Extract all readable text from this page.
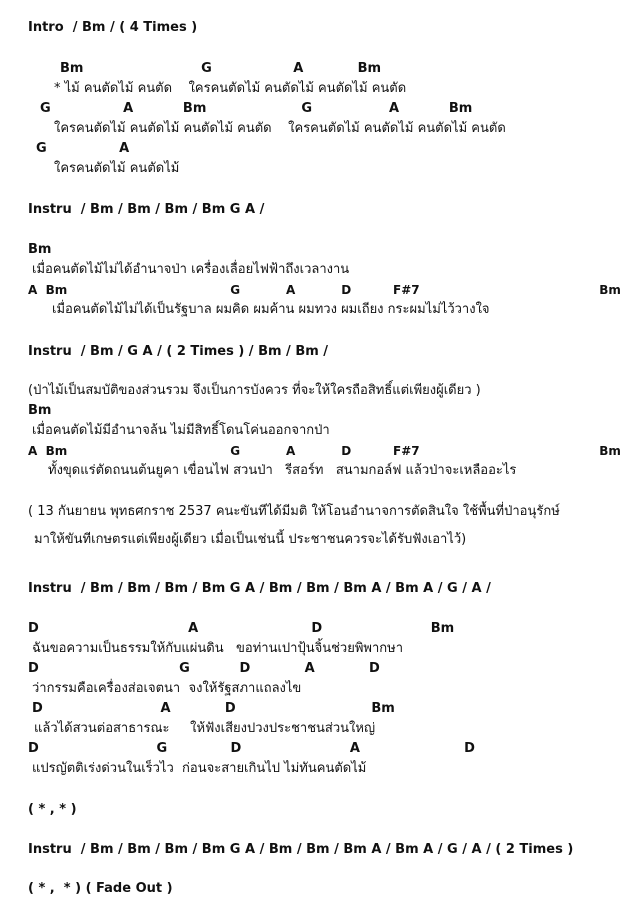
Intro  / Bm / ( 4 Times )
Bm                          G                  A            Bm
* ไม้ คนตัดไม้ คนตัด    ใครคนตัดไม้ คนตัดไม้ คนตัดไม้ คนตัด
G                A           Bm                     G                 A           Bm
ใครคนตัดไม้ คนตัดไม้ คนตัดไม้ คนตัด    ใครคนตัดไม้ คนตัดไม้ คนตัดไม้ คนตัด
G                A
ใครคนตัดไม้ คนตัดไม้
Instru  / Bm / Bm / Bm / Bm G A /
Bm
เมื่อคนตัดไม้ไม่ได้อำนาจป่า เครื่องเลื่อยไฟฟ้าถึงเวลางาน
A  Bm                                       G           A           D          F#7                                           Bm
เมื่อคนตัดไม้ไม่ได้เป็นรัฐบาล ผมคิด ผมค้าน ผมทวง ผมเถียง กระผมไม่ไว้วางใจ
Instru  / Bm / G A / ( 2 Times ) / Bm / Bm /
(ป่าไม้เป็นสมบัติของส่วนรวม จึงเป็นการบังควร ที่จะให้ใครถือสิทธิ์แต่เพียงผู้เดียว )
Bm
เมื่อคนตัดไม้มีอำนาจล้น ไม่มีสิทธิ์โดนโค่นออกจากป่า
A  Bm                                       G           A           D          F#7                                           Bm
ทั้งขุดแร่ตัดถนนต้นยูคา เขื่อนไฟ สวนป่า   รีสอร์ท   สนามกอล์ฟ แล้วป่าจะเหลืออะไร
( 13 กันยายน พุทธศกราช 2537 คนะขันทีได้มีมติ ให้โอนอำนาจการตัดสินใจ ใช้พื้นที่ป่าอนุรักษ์
มาให้ขันทีเกษตรแต่เพียงผู้เดียว เมื่อเป็นเช่นนี้ ประชาชนควรจะได้รับฟังเอาไว้)
Instru  / Bm / Bm / Bm / Bm G A / Bm / Bm / Bm A / Bm A / G / A /
D                                 A                         D                        Bm
ฉันขอความเป็นธรรมให้กับแผ่นดิน   ขอท่านเปาปุ้นจิ้นช่วยพิพากษา
D                               G           D            A            D
ว่ากรรมคือเครื่องส่อเจตนา  จงให้รัฐสภาแถลงไข
D                          A            D                              Bm
แล้วได้สวนต่อสาธารณะ     ให้ฟังเสียงปวงประชาชนส่วนใหญ่
D                          G              D                        A                       D
แปรญัตติเร่งด่วนในเร็วไว  ก่อนจะสายเกินไป ไม่ทันคนตัดไม้
( * , * )
Instru  / Bm / Bm / Bm / Bm G A / Bm / Bm / Bm A / Bm A / G / A / ( 2 Times )
( * ,  * ) ( Fade Out )
